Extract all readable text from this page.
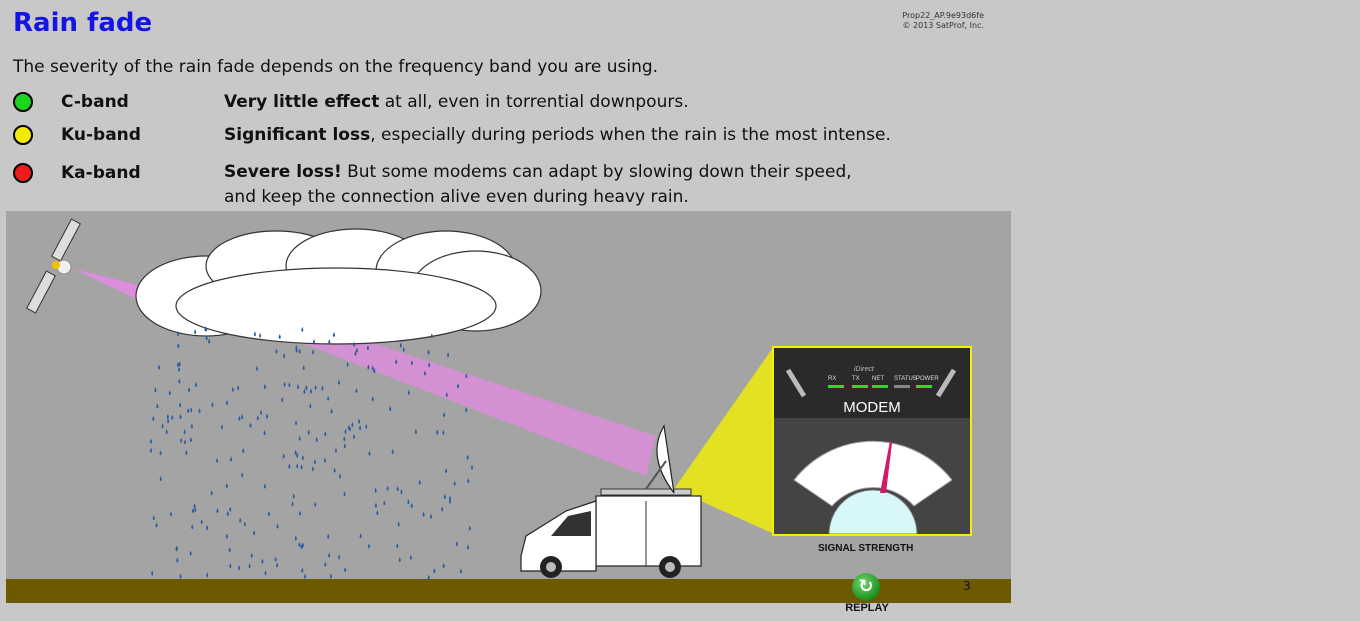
Rain fade	Prop22_AP.9e93d6fe
© 2013 SatProf, Inc.
The severity of the rain fade depends on the frequency band you are using.
C-band	Very little effect at all, even in torrential downpours.
Ku-band	Significant loss, especially during periods when the rain is the most intense.
Ka-band	Severe loss! But some modems can adapt by slowing down their speed,
and keep the connection alive even during heavy rain.
iDirect
RX	TX NET STATUS POWER
MODEM
SIGNAL STRENGTH
3
↻
REPLAY
